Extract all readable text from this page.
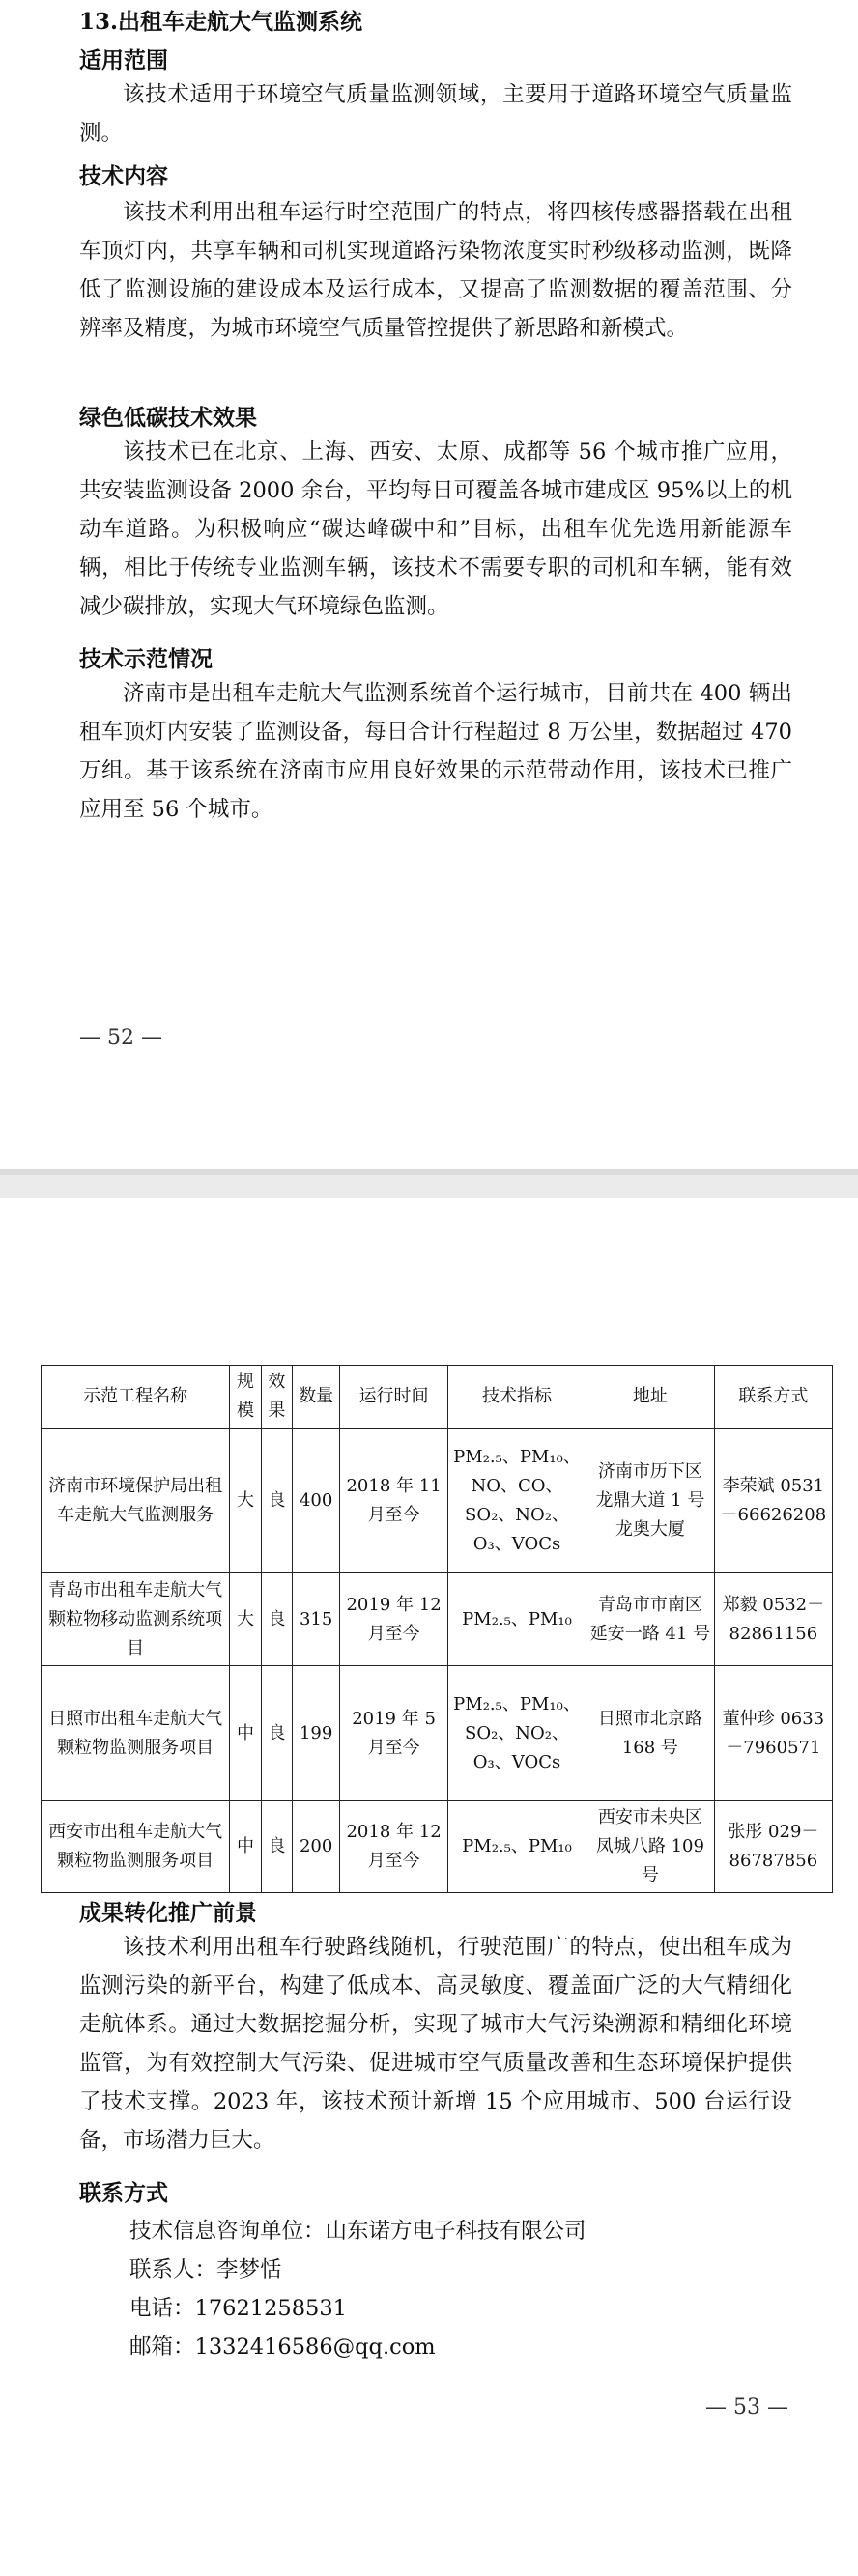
13.出租车走航大气监测系统
适用范围

该技术适用于环境空气质量监测领域，主要用于道路环境空气质量监测。

技术内容

该技术利用出租车运行时空范围广的特点，将四核传感器搭载在出租车顶灯内，共享车辆和司机实现道路污染物浓度实时秒级移动监测，既降低了监测设施的建设成本及运行成本，又提高了监测数据的覆盖范围、分辨率及精度，为城市环境空气质量管控提供了新思路和新模式。

绿色低碳技术效果

该技术已在北京、上海、西安、太原、成都等 56 个城市推广应用，共安装监测设备 2000 余台，平均每日可覆盖各城市建成区 95%以上的机动车道路。为积极响应“碳达峰碳中和”目标，出租车优先选用新能源车辆，相比于传统专业监测车辆，该技术不需要专职的司机和车辆，能有效减少碳排放，实现大气环境绿色监测。

技术示范情况

济南市是出租车走航大气监测系统首个运行城市，目前共在 400 辆出租车顶灯内安装了监测设备，每日合计行程超过 8 万公里，数据超过 470 万组。基于该系统在济南市应用良好效果的示范带动作用，该技术已推广应用至 56 个城市。

— 52 —
示范工程名称	规模	效果	数量	运行时间	技术指标	地址	联系方式
济南市环境保护局出租车走航大气监测服务	大	良	400	2018 年 11 月至今	PM₂.₅、PM₁₀、NO、CO、SO₂、NO₂、O₃、VOCs	济南市历下区龙鼎大道 1 号龙奥大厦	李荣斌 0531－66626208
青岛市出租车走航大气颗粒物移动监测系统项目	大	良	315	2019 年 12 月至今	PM₂.₅、PM₁₀	青岛市市南区延安一路 41 号	郑毅 0532－82861156
日照市出租车走航大气颗粒物监测服务项目	中	良	199	2019 年 5 月至今	PM₂.₅、PM₁₀、SO₂、NO₂、O₃、VOCs	日照市北京路 168 号	董仲珍 0633－7960571
西安市出租车走航大气颗粒物监测服务项目	中	良	200	2018 年 12 月至今	PM₂.₅、PM₁₀	西安市未央区凤城八路 109 号	张彤 029－86787856
成果转化推广前景

该技术利用出租车行驶路线随机，行驶范围广的特点，使出租车成为监测污染的新平台，构建了低成本、高灵敏度、覆盖面广泛的大气精细化走航体系。通过大数据挖掘分析，实现了城市大气污染溯源和精细化环境监管，为有效控制大气污染、促进城市空气质量改善和生态环境保护提供了技术支撑。2023 年，该技术预计新增 15 个应用城市、500 台运行设备，市场潜力巨大。

联系方式
技术信息咨询单位：山东诺方电子科技有限公司
联系人：李梦恬
电话：17621258531
邮箱：1332416586@qq.com
— 53 —
